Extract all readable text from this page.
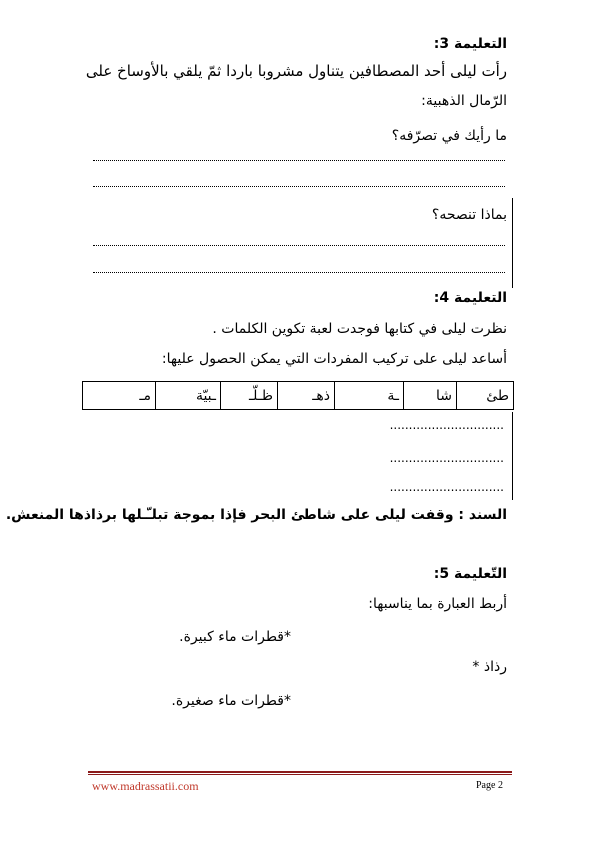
التعليمة 3:
رأت ليلى أحد المصطافين يتناول مشروبا باردا ثمّ يلقي بالأوساخ على
الرّمال الذهبية:
ما رأيك في تصرّفه؟
بماذا تنصحه؟
التعليمة 4:
نظرت ليلى في كتابها فوجدت لعبة تكوين الكلمات .
أساعد ليلى على تركيب المفردات التي يمكن الحصول عليها:
طئ	شا	ـة	ذهـ	ظـلّـ	ـبيّة	مـ
..............................
..............................
..............................
السند : وقفت ليلى على شاطئ البحر فإذا بموجة تبلـّـلها برذاذها المنعش.
التّعليمة 5:
أربط العبارة بما يناسبها:
*قطرات ماء كبيرة.
رذاذ *
*قطرات ماء صغيرة.
www.madrassatii.com	Page 2
